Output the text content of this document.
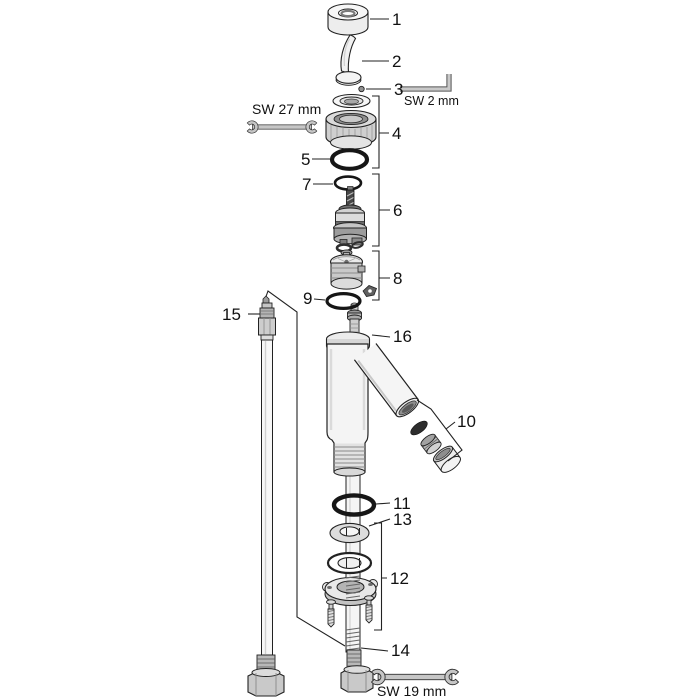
1
2
3
4
5
6
7
8
9
10
11
12
13
14
15
16
SW 27 mm	SW 2 mm
SW 19 mm
